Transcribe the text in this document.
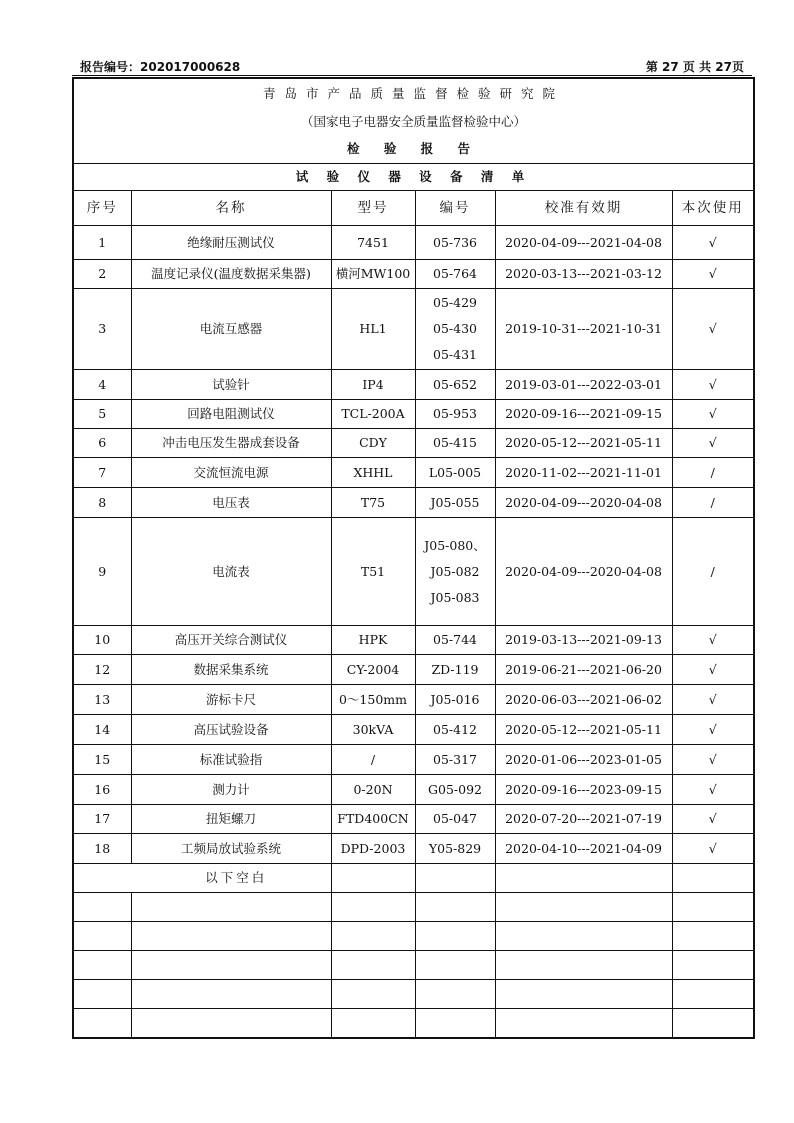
报告编号：202017000628	第 27 页 共 27页
青岛市产品质量监督检验研究院					
（国家电子电器安全质量监督检验中心）					
检 验 报 告					
试 验 仪 器 设 备 清 单					
序号	名称	型号	编号	校准有效期	本次使用
1	绝缘耐压测试仪	7451	05-736	2020-04-09---2021-04-08	√
2	温度记录仪(温度数据采集器)	横河MW100	05-764	2020-03-13---2021-03-12	√
3	电流互感器	HL1	05-429
05-430
05-431	2019-10-31---2021-10-31	√
4	试验针	IP4	05-652	2019-03-01---2022-03-01	√
5	回路电阻测试仪	TCL-200A	05-953	2020-09-16---2021-09-15	√
6	冲击电压发生器成套设备	CDY	05-415	2020-05-12---2021-05-11	√
7	交流恒流电源	XHHL	L05-005	2020-11-02---2021-11-01	/
8	电压表	T75	J05-055	2020-04-09---2020-04-08	/
9	电流表	T51	J05-080、
J05-082
J05-083	2020-04-09---2020-04-08	/
10	高压开关综合测试仪	HPK	05-744	2019-03-13---2021-09-13	√
12	数据采集系统	CY-2004	ZD-119	2019-06-21---2021-06-20	√
13	游标卡尺	0～150mm	J05-016	2020-06-03---2021-06-02	√
14	高压试验设备	30kVA	05-412	2020-05-12---2021-05-11	√
15	标准试验指	/	05-317	2020-01-06---2023-01-05	√
16	测力计	0-20N	G05-092	2020-09-16---2023-09-15	√
17	扭矩螺刀	FTD400CN	05-047	2020-07-20---2021-07-19	√
18	工频局放试验系统	DPD-2003	Y05-829	2020-04-10---2021-04-09	√
以下空白					
